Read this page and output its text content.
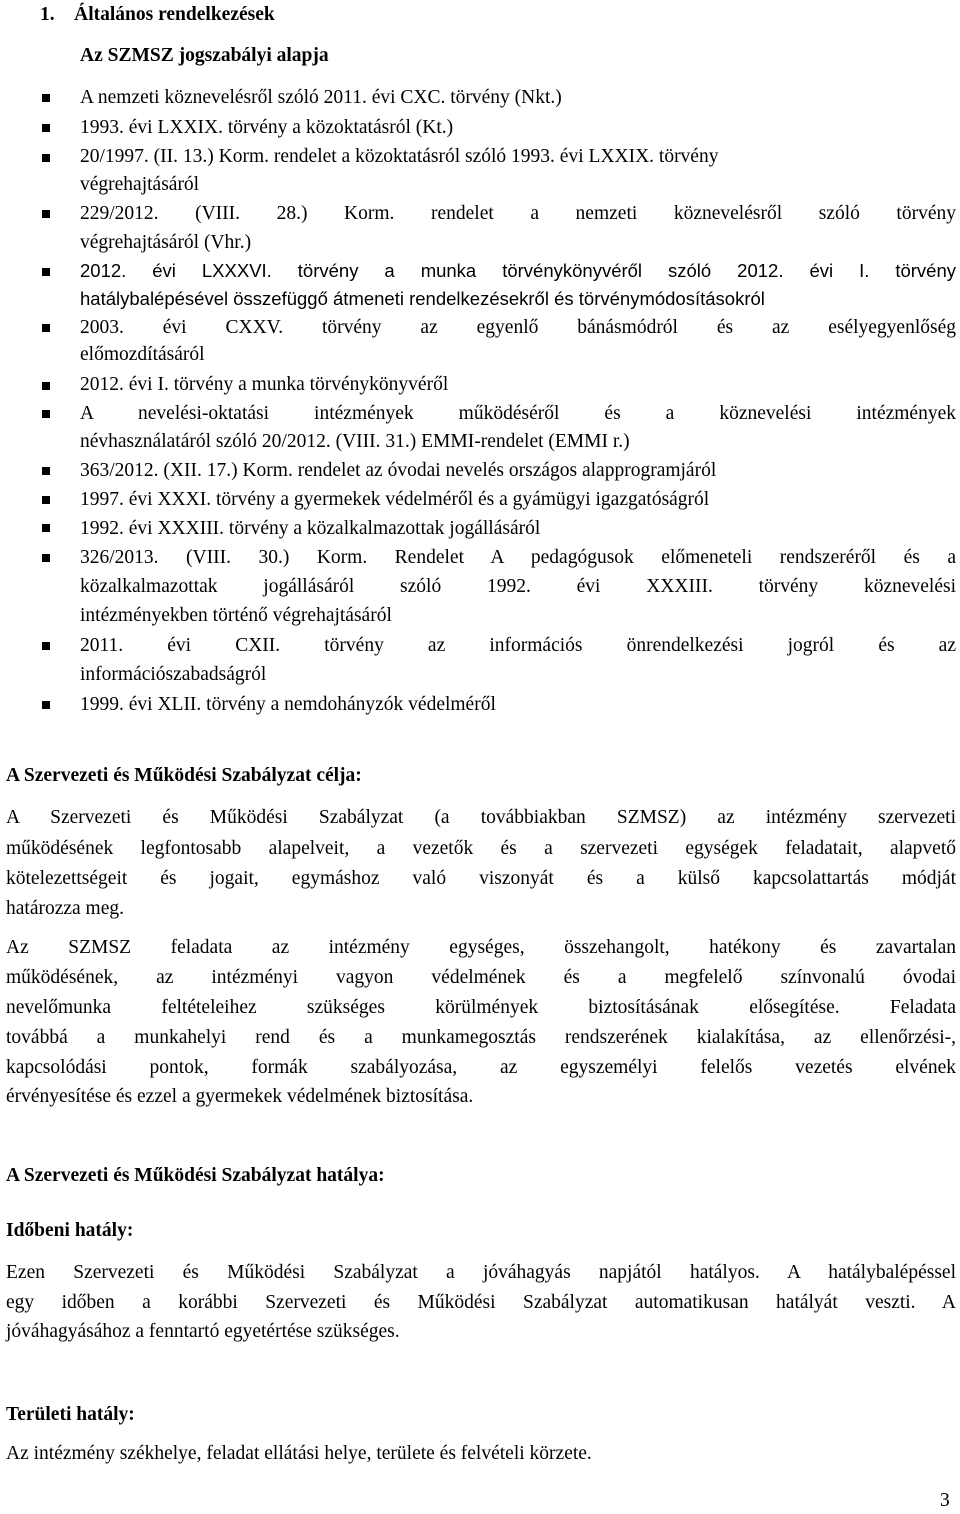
1. Általános rendelkezések
Az SZMSZ jogszabályi alapja
A nemzeti köznevelésről szóló 2011. évi CXC. törvény (Nkt.)
1993. évi LXXIX. törvény a közoktatásról (Kt.)
20/1997. (II. 13.) Korm. rendelet a közoktatásról szóló 1993. évi LXXIX. törvény
végrehajtásáról
229/2012. (VIII. 28.) Korm. rendelet a nemzeti köznevelésről szóló törvény
végrehajtásáról (Vhr.)
2012. évi LXXXVI. törvény a munka törvénykönyvéről szóló 2012. évi I. törvény
hatálybalépésével összefüggő átmeneti rendelkezésekről és törvénymódosításokról
2003. évi CXXV. törvény az egyenlő bánásmódról és az esélyegyenlőség
előmozdításáról
2012. évi I. törvény a munka törvénykönyvéről
A nevelési-oktatási intézmények működéséről és a köznevelési intézmények
névhasználatáról szóló 20/2012. (VIII. 31.) EMMI-rendelet (EMMI r.)
363/2012. (XII. 17.) Korm. rendelet az óvodai nevelés országos alapprogramjáról
1997. évi XXXI. törvény a gyermekek védelméről és a gyámügyi igazgatóságról
1992. évi XXXIII. törvény a közalkalmazottak jogállásáról
326/2013. (VIII. 30.) Korm. Rendelet A pedagógusok előmeneteli rendszeréről és a
közalkalmazottak jogállásáról szóló 1992. évi XXXIII. törvény köznevelési
intézményekben történő végrehajtásáról
2011. évi CXII. törvény az információs önrendelkezési jogról és az
információszabadságról
1999. évi XLII. törvény a nemdohányzók védelméről
A Szervezeti és Működési Szabályzat célja:
A Szervezeti és Működési Szabályzat (a továbbiakban SZMSZ) az intézmény szervezeti
működésének legfontosabb alapelveit, a vezetők és a szervezeti egységek feladatait, alapvető
kötelezettségeit és jogait, egymáshoz való viszonyát és a külső kapcsolattartás módját
határozza meg.
Az SZMSZ feladata az intézmény egységes, összehangolt, hatékony és zavartalan
működésének, az intézményi vagyon védelmének és a megfelelő színvonalú óvodai
nevelőmunka feltételeihez szükséges körülmények biztosításának elősegítése. Feladata
továbbá a munkahelyi rend és a munkamegosztás rendszerének kialakítása, az ellenőrzési-,
kapcsolódási pontok, formák szabályozása, az egyszemélyi felelős vezetés elvének
érvényesítése és ezzel a gyermekek védelmének biztosítása.
A Szervezeti és Működési Szabályzat hatálya:
Időbeni hatály:
Ezen Szervezeti és Működési Szabályzat a jóváhagyás napjától hatályos. A hatálybalépéssel
egy időben a korábbi Szervezeti és Működési Szabályzat automatikusan hatályát veszti. A
jóváhagyásához a fenntartó egyetértése szükséges.
Területi hatály:
Az intézmény székhelye, feladat ellátási helye, területe és felvételi körzete.
3
